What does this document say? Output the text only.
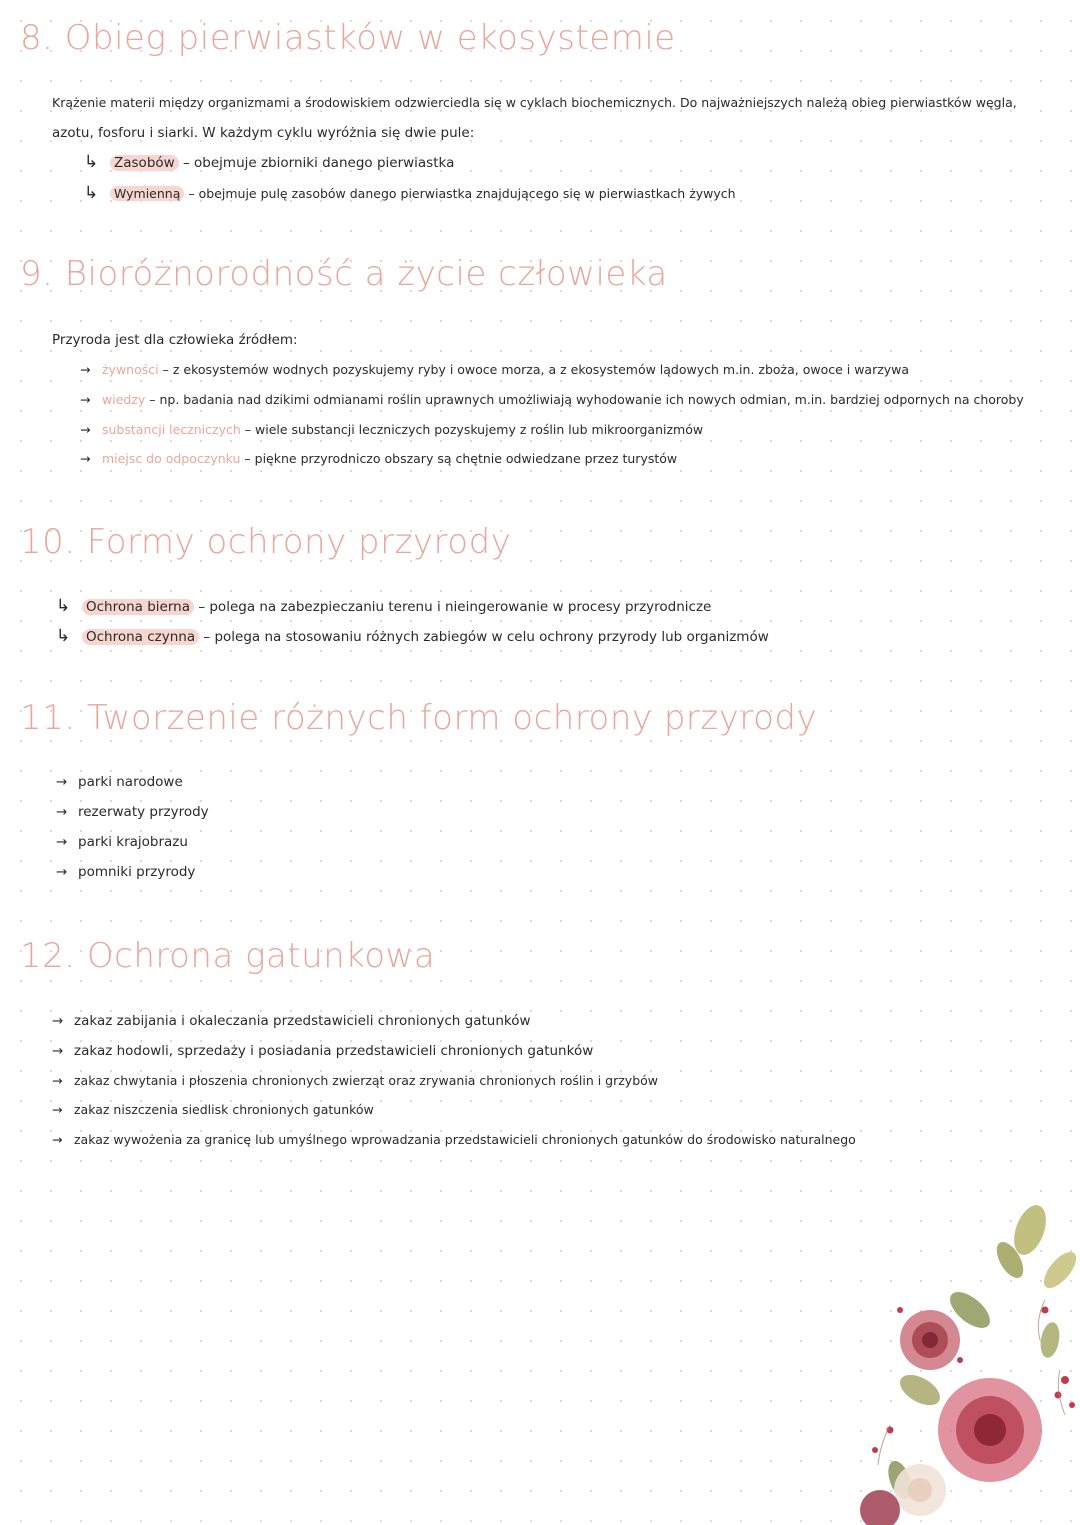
8. Obieg pierwiastków w ekosystemie
Krążenie materii między organizmami a środowiskiem odzwierciedla się w cyklach biochemicznych. Do najważniejszych należą obieg pierwiastków węgla,
azotu, fosforu i siarki. W każdym cyklu wyróżnia się dwie pule:
↳ Zasobów – obejmuje zbiorniki danego pierwiastka
↳ Wymienną – obejmuje pulę zasobów danego pierwiastka znajdującego się w pierwiastkach żywych
9. Bioróżnorodność a życie człowieka
Przyroda jest dla człowieka źródłem:
→ żywności – z ekosystemów wodnych pozyskujemy ryby i owoce morza, a z ekosystemów lądowych m.in. zboża, owoce i warzywa
→ wiedzy – np. badania nad dzikimi odmianami roślin uprawnych umożliwiają wyhodowanie ich nowych odmian, m.in. bardziej odpornych na choroby
→ substancji leczniczych – wiele substancji leczniczych pozyskujemy z roślin lub mikroorganizmów
→ miejsc do odpoczynku – piękne przyrodniczo obszary są chętnie odwiedzane przez turystów
10. Formy ochrony przyrody
↳ Ochrona bierna – polega na zabezpieczaniu terenu i nieingerowanie w procesy przyrodnicze
↳ Ochrona czynna – polega na stosowaniu różnych zabiegów w celu ochrony przyrody lub organizmów
11. Tworzenie różnych form ochrony przyrody
→ parki narodowe
→ rezerwaty przyrody
→ parki krajobrazu
→ pomniki przyrody
12. Ochrona gatunkowa
→ zakaz zabijania i okaleczania przedstawicieli chronionych gatunków
→ zakaz hodowli, sprzedaży i posiadania przedstawicieli chronionych gatunków
→ zakaz chwytania i płoszenia chronionych zwierząt oraz zrywania chronionych roślin i grzybów
→ zakaz niszczenia siedlisk chronionych gatunków
→ zakaz wywożenia za granicę lub umyślnego wprowadzania przedstawicieli chronionych gatunków do środowisko naturalnego
